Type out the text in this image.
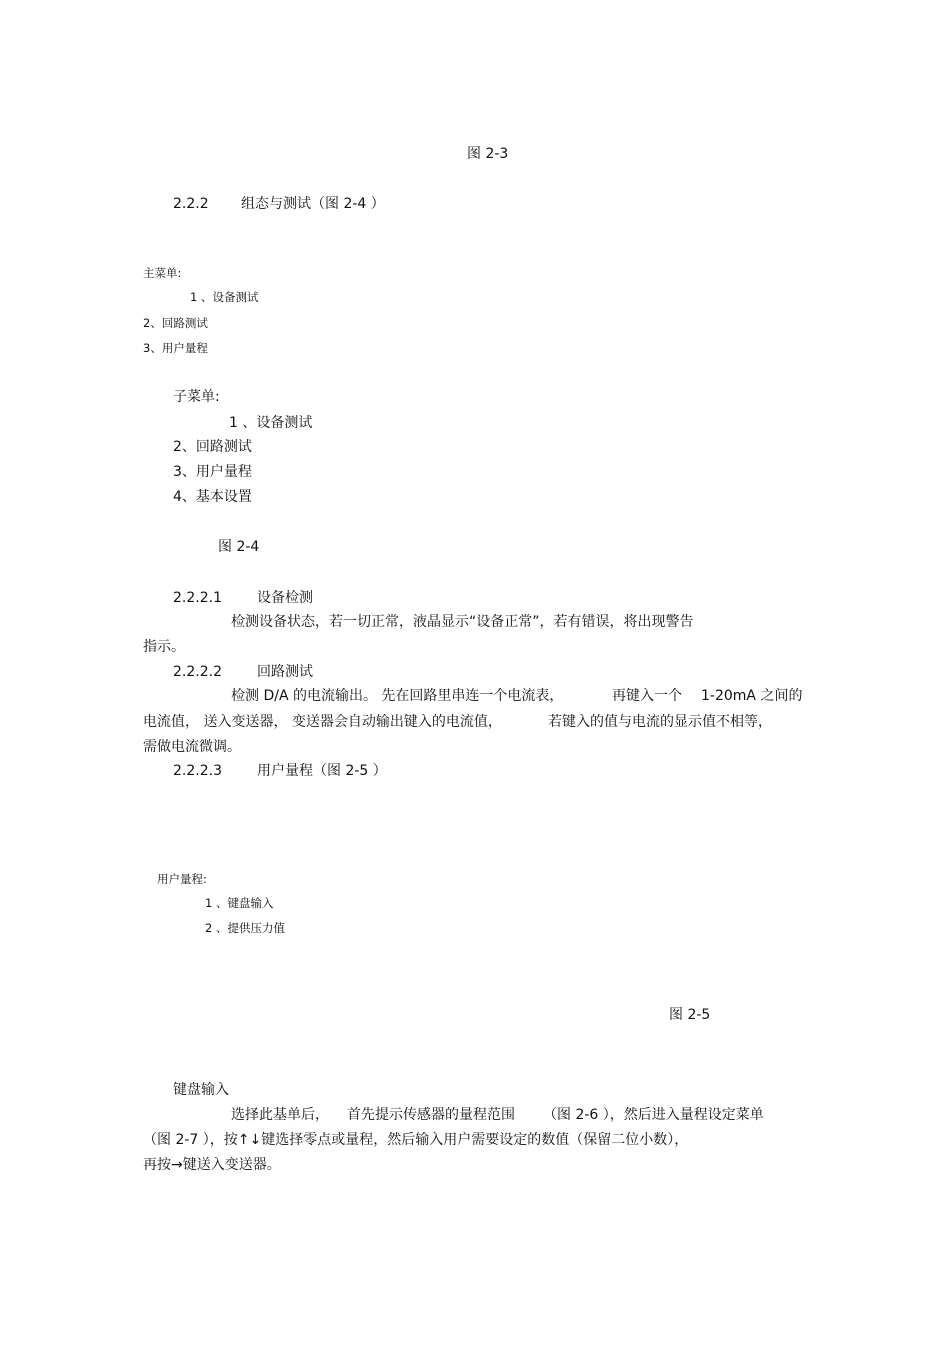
图 2-3
2.2.2 组态与测试（图 2-4 ）
主菜单:
1 、设备测试
2、回路测试
3、用户量程
子菜单:
1 、设备测试
2、回路测试
3、用户量程
4、基本设置
图 2-4
2.2.2.1	设备检测
检测设备状态，若一切正常，液晶显示“设备正常”，若有错误，将出现警告
指示。
2.2.2.2	回路测试
检测 D/A 的电流输出。 先在回路里串连一个电流表，	再键入一个 1-20mA 之间的
电流值， 送入变送器， 变送器会自动输出键入的电流值，	若键入的值与电流的显示值不相等，
需做电流微调。
2.2.2.3	用户量程（图 2-5 ）
用户量程:
1 、键盘输入
2 、提供压力值
图 2-5
键盘输入
选择此基单后， 首先提示传感器的量程范围 （图 2-6 ），然后进入量程设定菜单
（图 2-7 ），按↑↓键选择零点或量程，然后输入用户需要设定的数值（保留二位小数），
再按→键送入变送器。
